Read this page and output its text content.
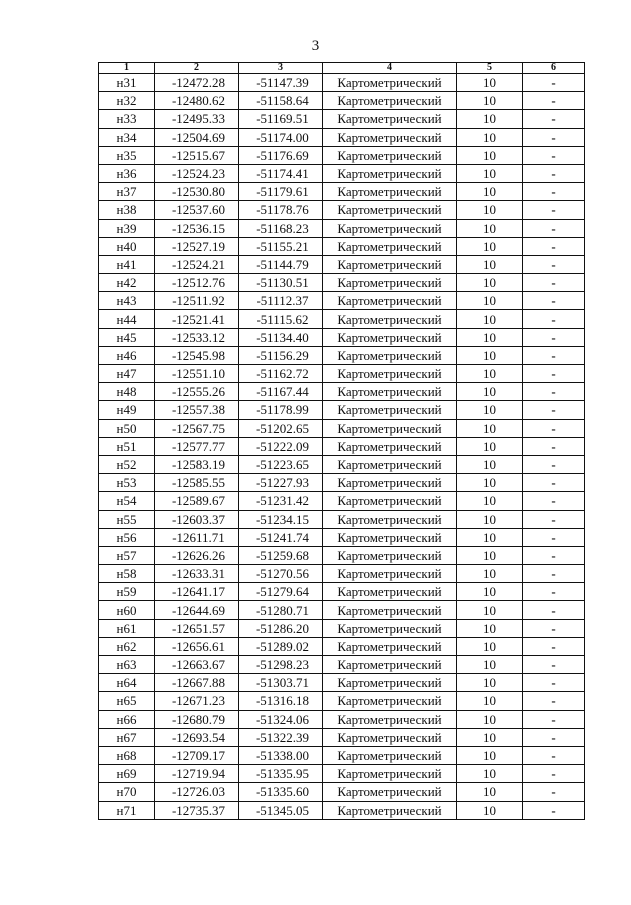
3
1	2	3	4	5	6
н31	-12472.28	-51147.39	Картометрический	10	-
н32	-12480.62	-51158.64	Картометрический	10	-
н33	-12495.33	-51169.51	Картометрический	10	-
н34	-12504.69	-51174.00	Картометрический	10	-
н35	-12515.67	-51176.69	Картометрический	10	-
н36	-12524.23	-51174.41	Картометрический	10	-
н37	-12530.80	-51179.61	Картометрический	10	-
н38	-12537.60	-51178.76	Картометрический	10	-
н39	-12536.15	-51168.23	Картометрический	10	-
н40	-12527.19	-51155.21	Картометрический	10	-
н41	-12524.21	-51144.79	Картометрический	10	-
н42	-12512.76	-51130.51	Картометрический	10	-
н43	-12511.92	-51112.37	Картометрический	10	-
н44	-12521.41	-51115.62	Картометрический	10	-
н45	-12533.12	-51134.40	Картометрический	10	-
н46	-12545.98	-51156.29	Картометрический	10	-
н47	-12551.10	-51162.72	Картометрический	10	-
н48	-12555.26	-51167.44	Картометрический	10	-
н49	-12557.38	-51178.99	Картометрический	10	-
н50	-12567.75	-51202.65	Картометрический	10	-
н51	-12577.77	-51222.09	Картометрический	10	-
н52	-12583.19	-51223.65	Картометрический	10	-
н53	-12585.55	-51227.93	Картометрический	10	-
н54	-12589.67	-51231.42	Картометрический	10	-
н55	-12603.37	-51234.15	Картометрический	10	-
н56	-12611.71	-51241.74	Картометрический	10	-
н57	-12626.26	-51259.68	Картометрический	10	-
н58	-12633.31	-51270.56	Картометрический	10	-
н59	-12641.17	-51279.64	Картометрический	10	-
н60	-12644.69	-51280.71	Картометрический	10	-
н61	-12651.57	-51286.20	Картометрический	10	-
н62	-12656.61	-51289.02	Картометрический	10	-
н63	-12663.67	-51298.23	Картометрический	10	-
н64	-12667.88	-51303.71	Картометрический	10	-
н65	-12671.23	-51316.18	Картометрический	10	-
н66	-12680.79	-51324.06	Картометрический	10	-
н67	-12693.54	-51322.39	Картометрический	10	-
н68	-12709.17	-51338.00	Картометрический	10	-
н69	-12719.94	-51335.95	Картометрический	10	-
н70	-12726.03	-51335.60	Картометрический	10	-
н71	-12735.37	-51345.05	Картометрический	10	-
